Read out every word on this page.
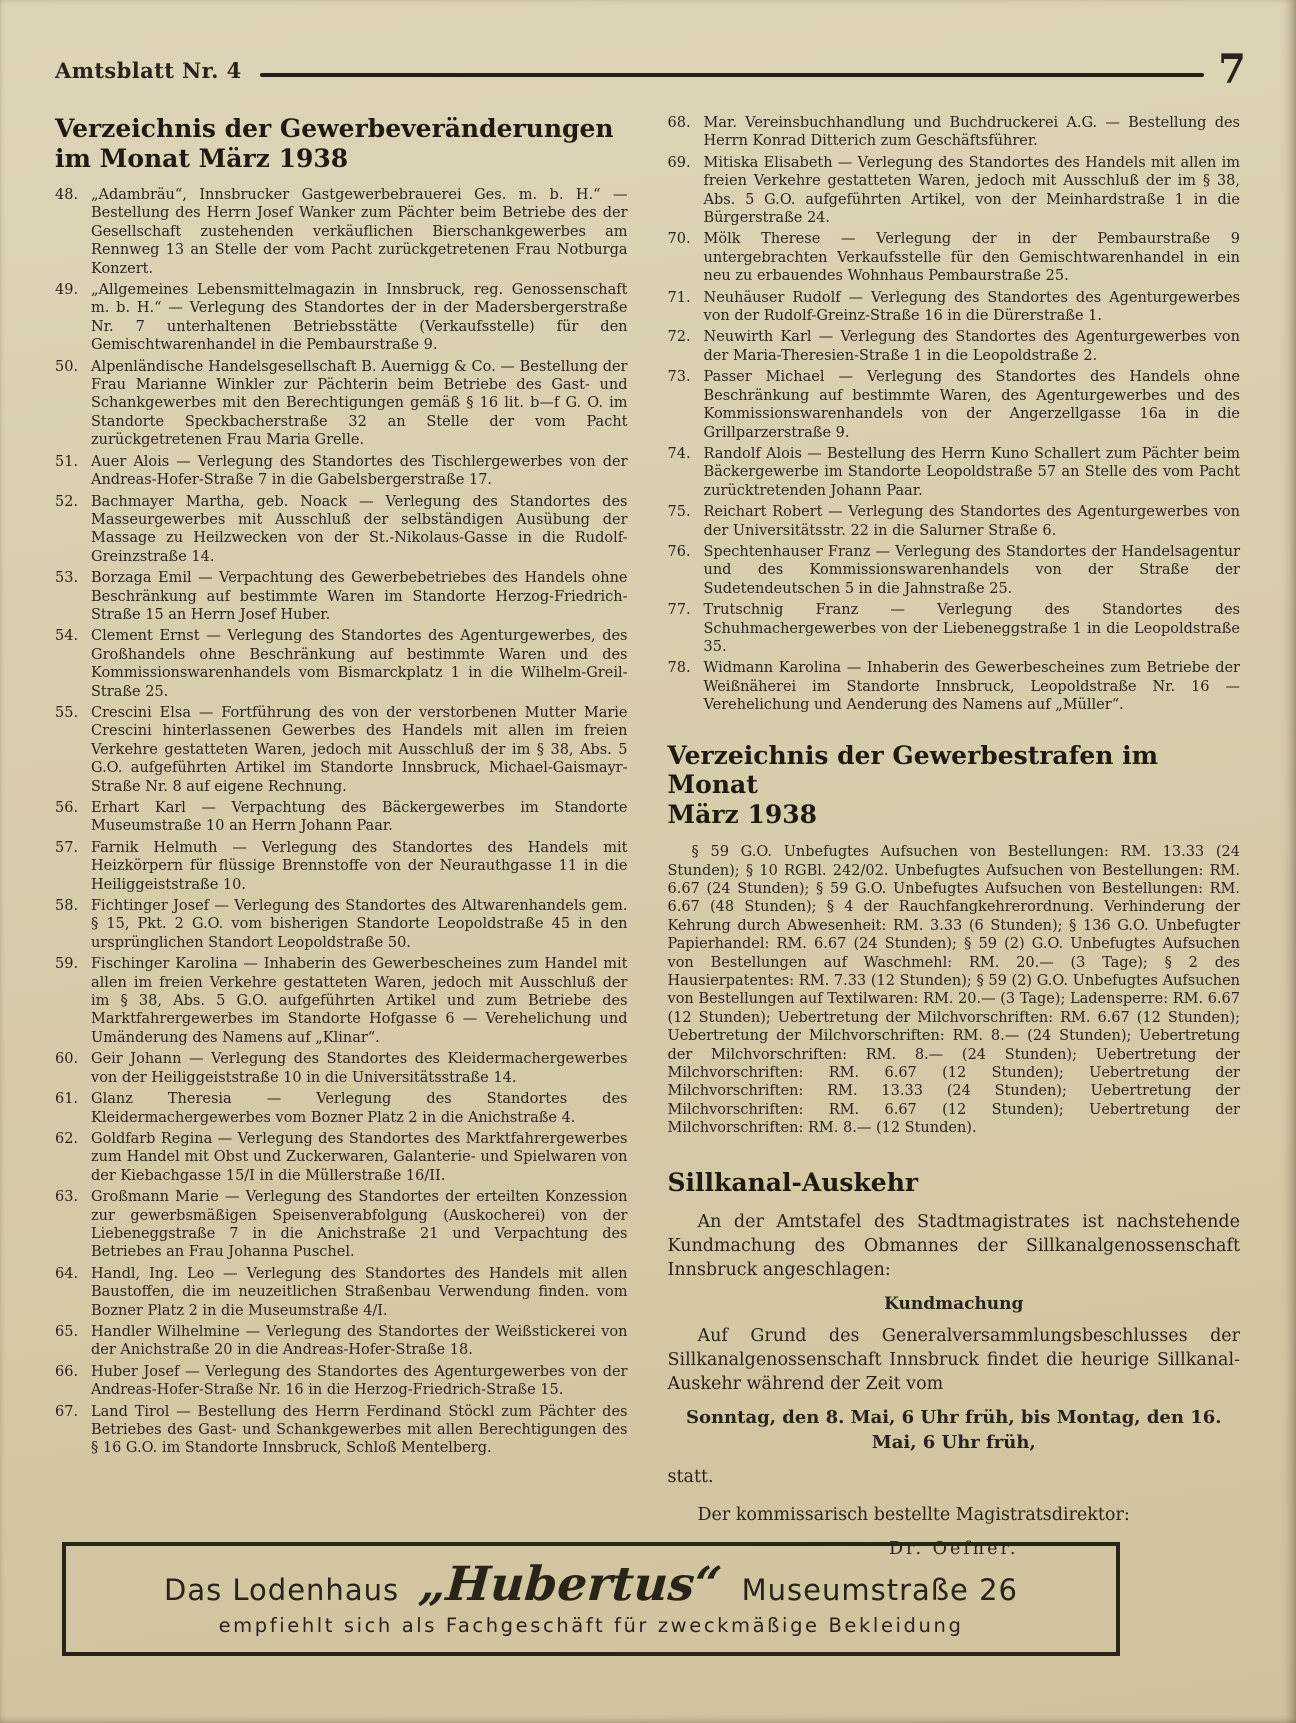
Amtsblatt Nr. 4	7
Verzeichnis der Gewerbeveränderungen
im Monat März 1938
48. „Adambräu“, Innsbrucker Gastgewerbebrauerei Ges. m. b. H.“ — Bestellung des Herrn Josef Wanker zum Pächter beim Betriebe des der Gesellschaft zustehenden verkäuflichen Bierschankgewerbes am Rennweg 13 an Stelle der vom Pacht zurückgetretenen Frau Notburga Konzert.
49. „Allgemeines Lebensmittelmagazin in Innsbruck, reg. Genossenschaft m. b. H.“ — Verlegung des Standortes der in der Madersbergerstraße Nr. 7 unterhaltenen Betriebsstätte (Verkaufsstelle) für den Gemischtwarenhandel in die Pembaurstraße 9.
50. Alpenländische Handelsgesellschaft B. Auernigg & Co. — Bestellung der Frau Marianne Winkler zur Pächterin beim Betriebe des Gast- und Schankgewerbes mit den Berechtigungen gemäß § 16 lit. b—f G. O. im Standorte Speckbacherstraße 32 an Stelle der vom Pacht zurückgetretenen Frau Maria Grelle.
51. Auer Alois — Verlegung des Standortes des Tischlergewerbes von der Andreas-Hofer-Straße 7 in die Gabelsbergerstraße 17.
52. Bachmayer Martha, geb. Noack — Verlegung des Standortes des Masseurgewerbes mit Ausschluß der selbständigen Ausübung der Massage zu Heilzwecken von der St.-Nikolaus-Gasse in die Rudolf-Greinzstraße 14.
53. Borzaga Emil — Verpachtung des Gewerbebetriebes des Handels ohne Beschränkung auf bestimmte Waren im Standorte Herzog-Friedrich-Straße 15 an Herrn Josef Huber.
54. Clement Ernst — Verlegung des Standortes des Agenturgewerbes, des Großhandels ohne Beschränkung auf bestimmte Waren und des Kommissionswarenhandels vom Bismarckplatz 1 in die Wilhelm-Greil-Straße 25.
55. Crescini Elsa — Fortführung des von der verstorbenen Mutter Marie Crescini hinterlassenen Gewerbes des Handels mit allen im freien Verkehre gestatteten Waren, jedoch mit Ausschluß der im § 38, Abs. 5 G.O. aufgeführten Artikel im Standorte Innsbruck, Michael-Gaismayr-Straße Nr. 8 auf eigene Rechnung.
56. Erhart Karl — Verpachtung des Bäckergewerbes im Standorte Museumstraße 10 an Herrn Johann Paar.
57. Farnik Helmuth — Verlegung des Standortes des Handels mit Heizkörpern für flüssige Brennstoffe von der Neurauthgasse 11 in die Heiliggeiststraße 10.
58. Fichtinger Josef — Verlegung des Standortes des Altwarenhandels gem. § 15, Pkt. 2 G.O. vom bisherigen Standorte Leopoldstraße 45 in den ursprünglichen Standort Leopoldstraße 50.
59. Fischinger Karolina — Inhaberin des Gewerbescheines zum Handel mit allen im freien Verkehre gestatteten Waren, jedoch mit Ausschluß der im § 38, Abs. 5 G.O. aufgeführten Artikel und zum Betriebe des Marktfahrergewerbes im Standorte Hofgasse 6 — Verehelichung und Umänderung des Namens auf „Klinar“.
60. Geir Johann — Verlegung des Standortes des Kleidermachergewerbes von der Heiliggeiststraße 10 in die Universitätsstraße 14.
61. Glanz Theresia — Verlegung des Standortes des Kleidermachergewerbes vom Bozner Platz 2 in die Anichstraße 4.
62. Goldfarb Regina — Verlegung des Standortes des Marktfahrergewerbes zum Handel mit Obst und Zuckerwaren, Galanterie- und Spielwaren von der Kiebachgasse 15/I in die Müllerstraße 16/II.
63. Großmann Marie — Verlegung des Standortes der erteilten Konzession zur gewerbsmäßigen Speisenverabfolgung (Auskocherei) von der Liebeneggstraße 7 in die Anichstraße 21 und Verpachtung des Betriebes an Frau Johanna Puschel.
64. Handl, Ing. Leo — Verlegung des Standortes des Handels mit allen Baustoffen, die im neuzeitlichen Straßenbau Verwendung finden. vom Bozner Platz 2 in die Museumstraße 4/I.
65. Handler Wilhelmine — Verlegung des Standortes der Weißstickerei von der Anichstraße 20 in die Andreas-Hofer-Straße 18.
66. Huber Josef — Verlegung des Standortes des Agenturgewerbes von der Andreas-Hofer-Straße Nr. 16 in die Herzog-Friedrich-Straße 15.
67. Land Tirol — Bestellung des Herrn Ferdinand Stöckl zum Pächter des Betriebes des Gast- und Schankgewerbes mit allen Berechtigungen des § 16 G.O. im Standorte Innsbruck, Schloß Mentelberg.
68. Mar. Vereinsbuchhandlung und Buchdruckerei A.G. — Bestellung des Herrn Konrad Ditterich zum Geschäftsführer.
69. Mitiska Elisabeth — Verlegung des Standortes des Handels mit allen im freien Verkehre gestatteten Waren, jedoch mit Ausschluß der im § 38, Abs. 5 G.O. aufgeführten Artikel, von der Meinhardstraße 1 in die Bürgerstraße 24.
70. Mölk Therese — Verlegung der in der Pembaurstraße 9 untergebrachten Verkaufsstelle für den Gemischtwarenhandel in ein neu zu erbauendes Wohnhaus Pembaurstraße 25.
71. Neuhäuser Rudolf — Verlegung des Standortes des Agenturgewerbes von der Rudolf-Greinz-Straße 16 in die Dürerstraße 1.
72. Neuwirth Karl — Verlegung des Standortes des Agenturgewerbes von der Maria-Theresien-Straße 1 in die Leopoldstraße 2.
73. Passer Michael — Verlegung des Standortes des Handels ohne Beschränkung auf bestimmte Waren, des Agenturgewerbes und des Kommissionswarenhandels von der Angerzellgasse 16a in die Grillparzerstraße 9.
74. Randolf Alois — Bestellung des Herrn Kuno Schallert zum Pächter beim Bäckergewerbe im Standorte Leopoldstraße 57 an Stelle des vom Pacht zurücktretenden Johann Paar.
75. Reichart Robert — Verlegung des Standortes des Agenturgewerbes von der Universitätsstr. 22 in die Salurner Straße 6.
76. Spechtenhauser Franz — Verlegung des Standortes der Handelsagentur und des Kommissionswarenhandels von der Straße der Sudetendeutschen 5 in die Jahnstraße 25.
77. Trutschnig Franz — Verlegung des Standortes des Schuhmachergewerbes von der Liebeneggstraße 1 in die Leopoldstraße 35.
78. Widmann Karolina — Inhaberin des Gewerbescheines zum Betriebe der Weißnäherei im Standorte Innsbruck, Leopoldstraße Nr. 16 — Verehelichung und Aenderung des Namens auf „Müller“.
Verzeichnis der Gewerbestrafen im Monat
März 1938

§ 59 G.O. Unbefugtes Aufsuchen von Bestellungen: RM. 13.33 (24 Stunden); § 10 RGBl. 242/02. Unbefugtes Aufsuchen von Bestellungen: RM. 6.67 (24 Stunden); § 59 G.O. Unbefugtes Aufsuchen von Bestellungen: RM. 6.67 (48 Stunden); § 4 der Rauchfangkehrerordnung. Verhinderung der Kehrung durch Abwesenheit: RM. 3.33 (6 Stunden); § 136 G.O. Unbefugter Papierhandel: RM. 6.67 (24 Stunden); § 59 (2) G.O. Unbefugtes Aufsuchen von Bestellungen auf Waschmehl: RM. 20.— (3 Tage); § 2 des Hausierpatentes: RM. 7.33 (12 Stunden); § 59 (2) G.O. Unbefugtes Aufsuchen von Bestellungen auf Textilwaren: RM. 20.— (3 Tage); Ladensperre: RM. 6.67 (12 Stunden); Uebertretung der Milchvorschriften: RM. 6.67 (12 Stunden); Uebertretung der Milchvorschriften: RM. 8.— (24 Stunden); Uebertretung der Milchvorschriften: RM. 8.— (24 Stunden); Uebertretung der Milchvorschriften: RM. 6.67 (12 Stunden); Uebertretung der Milchvorschriften: RM. 13.33 (24 Stunden); Uebertretung der Milchvorschriften: RM. 6.67 (12 Stunden); Uebertretung der Milchvorschriften: RM. 8.— (12 Stunden).

Sillkanal-Auskehr

An der Amtstafel des Stadtmagistrates ist nachstehende Kundmachung des Obmannes der Sillkanalgenossenschaft Innsbruck angeschlagen:

Kundmachung

Auf Grund des Generalversammlungsbeschlusses der Sillkanalgenossenschaft Innsbruck findet die heurige Sillkanal-Auskehr während der Zeit vom

Sonntag, den 8. Mai, 6 Uhr früh, bis Montag, den 16. Mai, 6 Uhr früh,

statt.

Der kommissarisch bestellte Magistratsdirektor:

Dr. Oefner.

Das Lodenhaus „Hubertus“ Museumstraße 26
empfiehlt sich als Fachgeschäft für zweckmäßige Bekleidung
